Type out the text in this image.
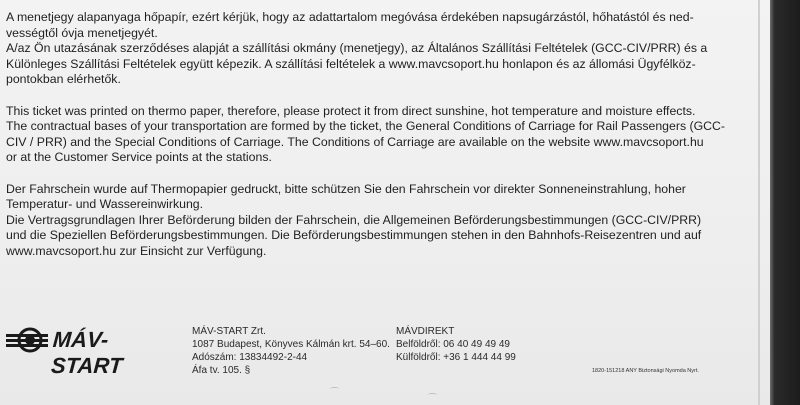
A menetjegy alapanyaga hőpapír, ezért kérjük, hogy az adattartalom megóvása érdekében napsugárzástól, hőhatástól és ned-

vességtől óvja menetjegyét.

A/az Ön utazásának szerződéses alapját a szállítási okmány (menetjegy), az Általános Szállítási Feltételek (GCC-CIV/PRR) és a

Különleges Szállítási Feltételek együtt képezik. A szállítási feltételek a www.mavcsoport.hu honlapon és az állomási Ügyfélköz-

pontokban elérhetők.

This ticket was printed on thermo paper, therefore, please protect it from direct sunshine, hot temperature and moisture effects.

The contractual bases of your transportation are formed by the ticket, the General Conditions of Carriage for Rail Passengers (GCC-

CIV / PRR) and the Special Conditions of Carriage. The Conditions of Carriage are available on the website www.mavcsoport.hu

or at the Customer Service points at the stations.

Der Fahrschein wurde auf Thermopapier gedruckt, bitte schützen Sie den Fahrschein vor direkter Sonneneinstrahlung, hoher

Temperatur- und Wassereinwirkung.

Die Vertragsgrundlagen Ihrer Beförderung bilden der Fahrschein, die Allgemeinen Beförderungsbestimmungen (GCC-CIV/PRR)

und die Speziellen Beförderungsbestimmungen. Die Beförderungsbestimmungen stehen in den Bahnhofs-Reisezentren und auf

www.mavcsoport.hu zur Einsicht zur Verfügung.

MÁV-START

MÁV-START Zrt.

1087 Budapest, Könyves Kálmán krt. 54–60.

Adószám: 13834492-2-44

Áfa tv. 105. §

MÁVDIREKT

Belföldről: 06 40 49 49 49

Külföldről: +36 1 444 44 99

1820-151218 ANY Biztonsági Nyomda Nyrt.
⌒
⌒
